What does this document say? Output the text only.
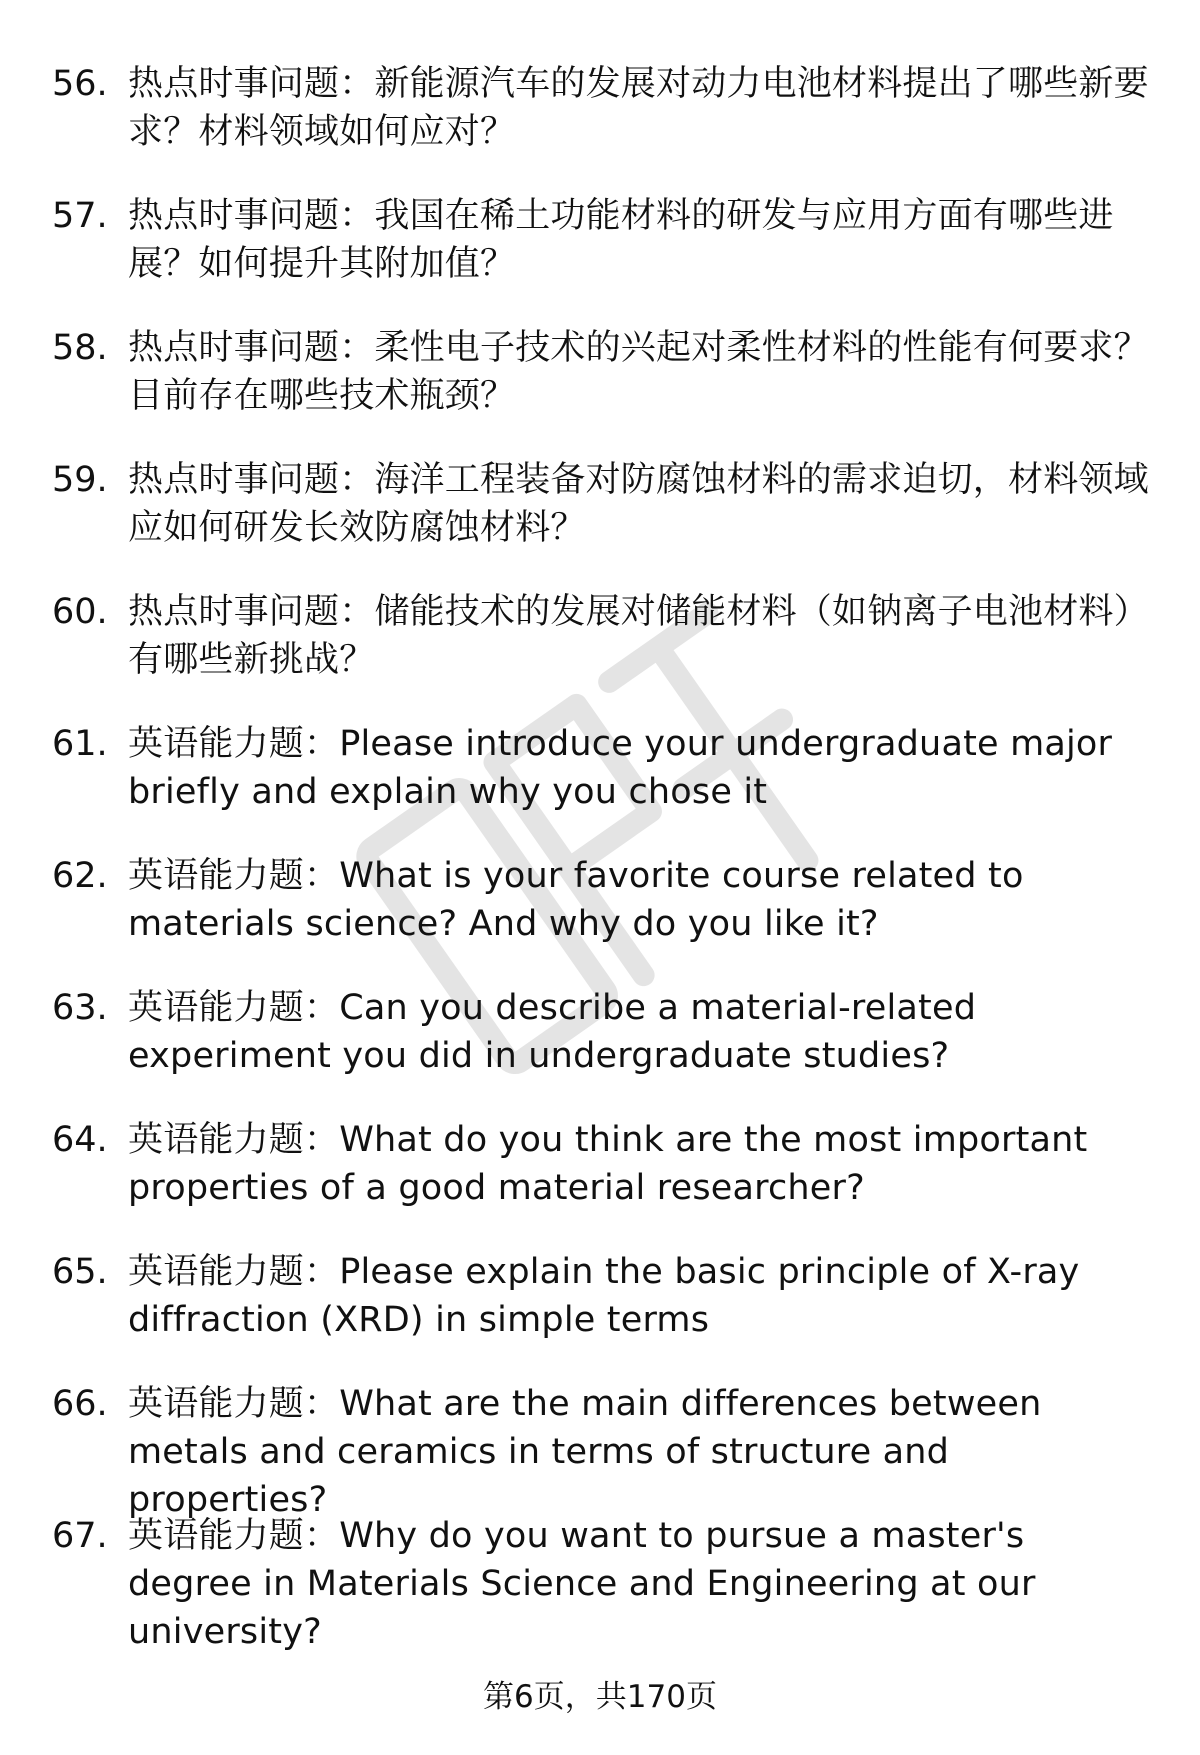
56. 热点时事问题：新能源汽车的发展对动力电池材料提出了哪些新要求？材料领域如何应对？
57. 热点时事问题：我国在稀土功能材料的研发与应用方面有哪些进展？如何提升其附加值？
58. 热点时事问题：柔性电子技术的兴起对柔性材料的性能有何要求？目前存在哪些技术瓶颈？
59. 热点时事问题：海洋工程装备对防腐蚀材料的需求迫切，材料领域应如何研发长效防腐蚀材料？
60. 热点时事问题：储能技术的发展对储能材料（如钠离子电池材料）有哪些新挑战？
61. 英语能力题：Please introduce your undergraduate major briefly and explain why you chose it
62. 英语能力题：What is your favorite course related to materials science? And why do you like it?
63. 英语能力题：Can you describe a material-related experiment you did in undergraduate studies?
64. 英语能力题：What do you think are the most important properties of a good material researcher?
65. 英语能力题：Please explain the basic principle of X-ray diffraction (XRD) in simple terms
66. 英语能力题：What are the main differences between metals and ceramics in terms of structure and properties?
67. 英语能力题：Why do you want to pursue a master's degree in Materials Science and Engineering at our university?
第6页，共170页
